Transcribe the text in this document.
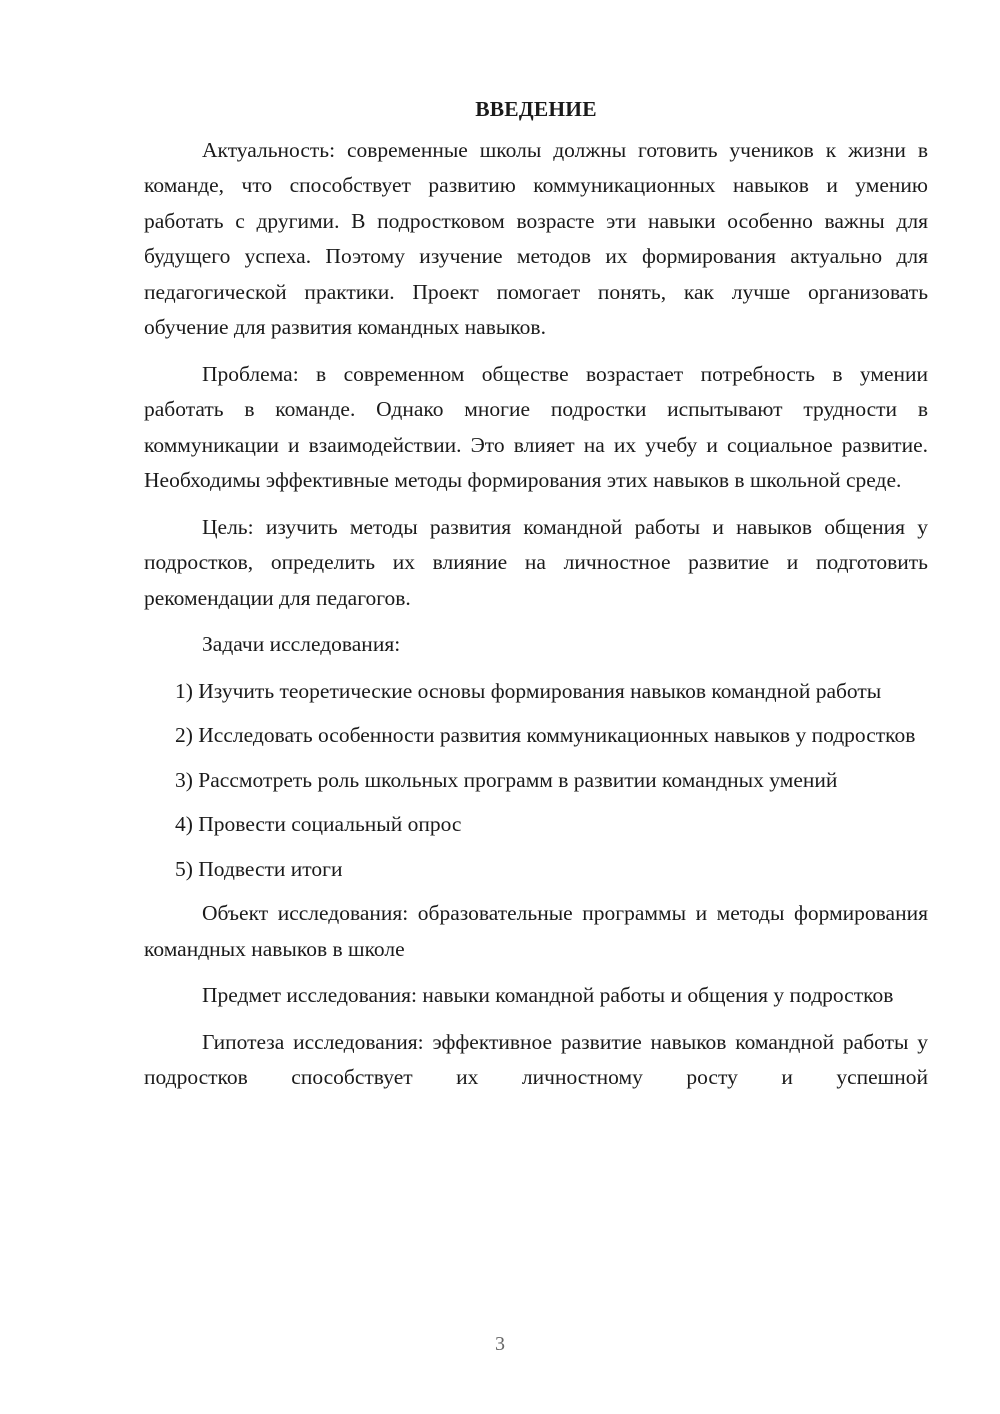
ВВЕДЕНИЕ

Актуальность: современные школы должны готовить учеников к жизни в команде, что способствует развитию коммуникационных навыков и умению работать с другими. В подростковом возрасте эти навыки особенно важны для будущего успеха. Поэтому изучение методов их формирования актуально для педагогической практики. Проект помогает понять, как лучше организовать обучение для развития командных навыков.

Проблема: в современном обществе возрастает потребность в умении работать в команде. Однако многие подростки испытывают трудности в коммуникации и взаимодействии. Это влияет на их учебу и социальное развитие. Необходимы эффективные методы формирования этих навыков в школьной среде.

Цель: изучить методы развития командной работы и навыков общения у подростков, определить их влияние на личностное развитие и подготовить рекомендации для педагогов.

Задачи исследования:

1) Изучить теоретические основы формирования навыков командной работы

2) Исследовать особенности развития коммуникационных навыков у подростков

3) Рассмотреть роль школьных программ в развитии командных умений

4) Провести социальный опрос

5) Подвести итоги

Объект исследования: образовательные программы и методы формирования командных навыков в школе

Предмет исследования: навыки командной работы и общения у подростков

Гипотеза исследования: эффективное развитие навыков командной работы у подростков способствует их личностному росту и успешной

3
